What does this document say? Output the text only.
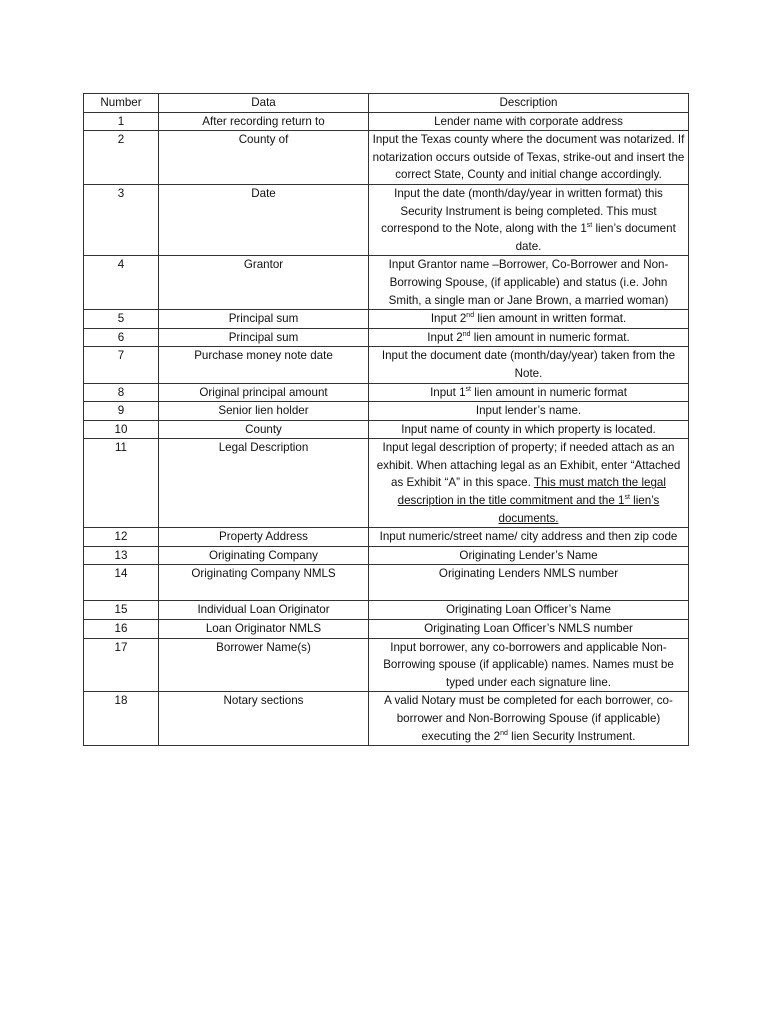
Number	Data	Description
1	After recording return to	Lender name with corporate address
2	County of	Input the Texas county where the document was notarized. If notarization occurs outside of Texas, strike-out and insert the correct State, County and initial change accordingly.
3	Date	Input the date (month/day/year in written format) this Security Instrument is being completed. This must correspond to the Note, along with the 1st lien’s document date.
4	Grantor	Input Grantor name –Borrower, Co-Borrower and Non-Borrowing Spouse, (if applicable) and status (i.e. John Smith, a single man or Jane Brown, a married woman)
5	Principal sum	Input 2nd lien amount in written format.
6	Principal sum	Input 2nd lien amount in numeric format.
7	Purchase money note date	Input the document date (month/day/year) taken from the Note.
8	Original principal amount	Input 1st lien amount in numeric format
9	Senior lien holder	Input lender’s name.
10	County	Input name of county in which property is located.
11	Legal Description	Input legal description of property; if needed attach as an exhibit. When attaching legal as an Exhibit, enter “Attached as Exhibit “A” in this space. This must match the legal description in the title commitment and the 1st lien’s documents.
12	Property Address	Input numeric/street name/ city address and then zip code
13	Originating Company	Originating Lender’s Name
14	Originating Company NMLS	Originating Lenders NMLS number
15	Individual Loan Originator	Originating Loan Officer’s Name
16	Loan Originator NMLS	Originating Loan Officer’s NMLS number
17	Borrower Name(s)	Input borrower, any co-borrowers and applicable Non-Borrowing spouse (if applicable) names. Names must be typed under each signature line.
18	Notary sections	A valid Notary must be completed for each borrower, co-borrower and Non-Borrowing Spouse (if applicable) executing the 2nd lien Security Instrument.
